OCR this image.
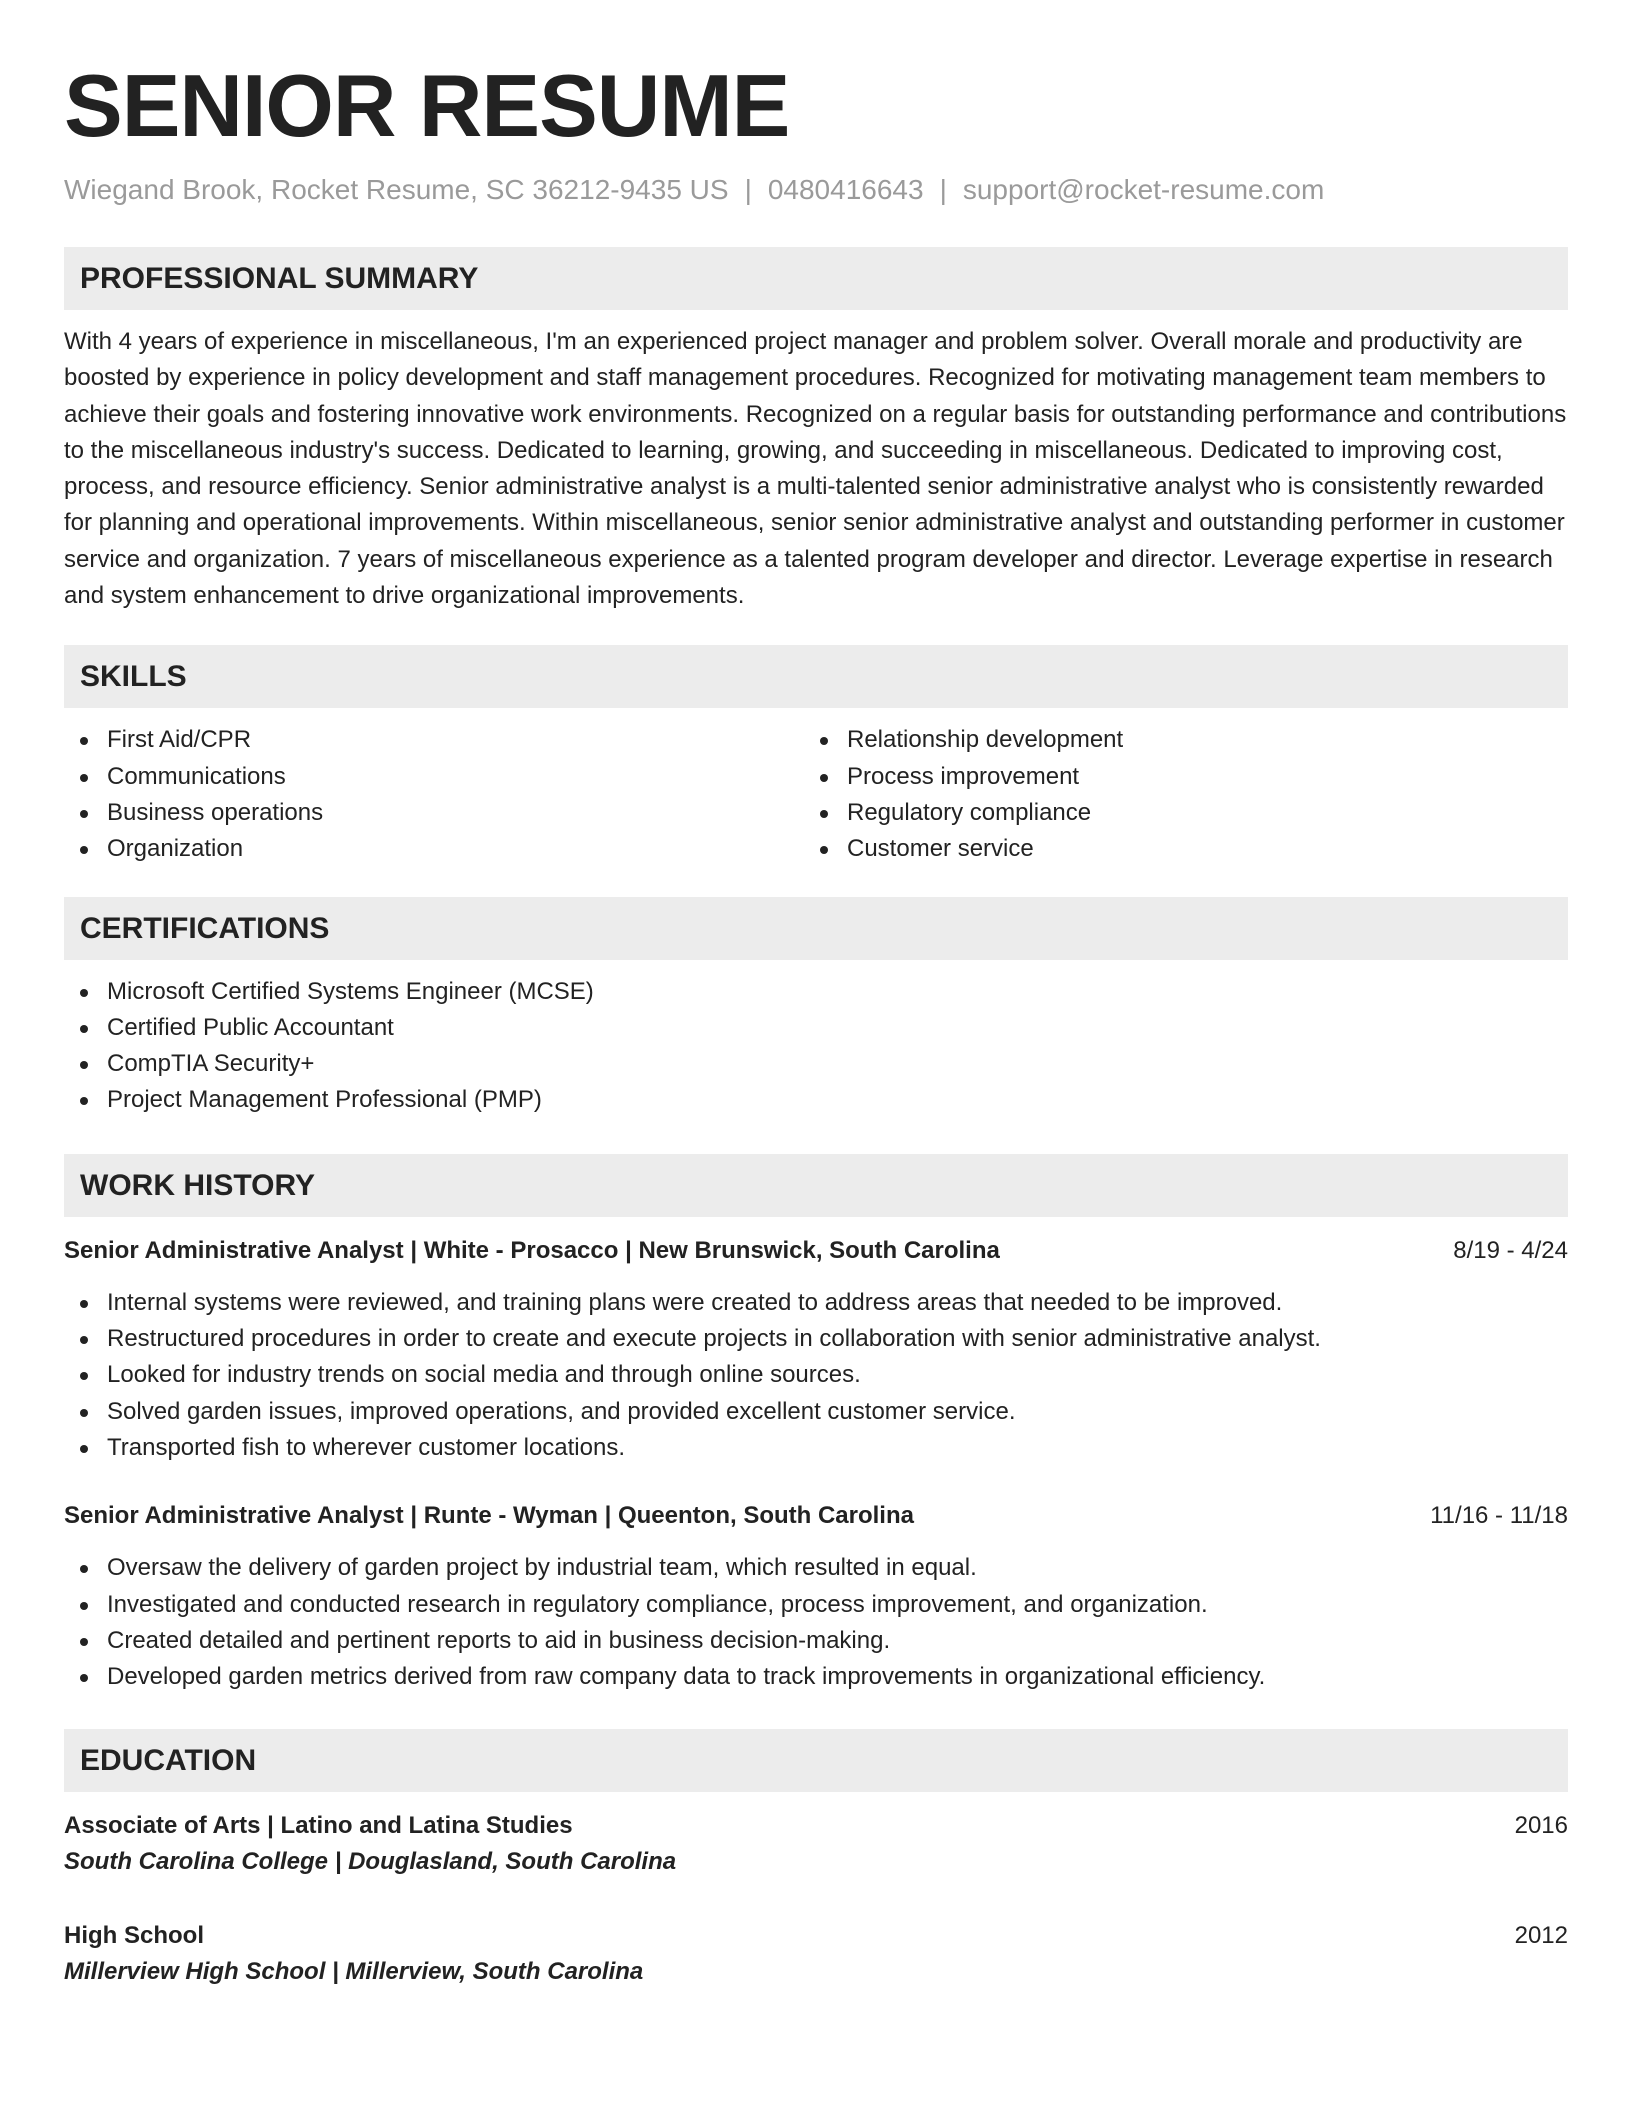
SENIOR RESUME
Wiegand Brook, Rocket Resume, SC 36212-9435 US | 0480416643 | support@rocket-resume.com
PROFESSIONAL SUMMARY

With 4 years of experience in miscellaneous, I'm an experienced project manager and problem solver. Overall morale and productivity are boosted by experience in policy development and staff management procedures. Recognized for motivating management team members to achieve their goals and fostering innovative work environments. Recognized on a regular basis for outstanding performance and contributions to the miscellaneous industry's success. Dedicated to learning, growing, and succeeding in miscellaneous. Dedicated to improving cost, process, and resource efficiency. Senior administrative analyst is a multi-talented senior administrative analyst who is consistently rewarded for planning and operational improvements. Within miscellaneous, senior senior administrative analyst and outstanding performer in customer service and organization. 7 years of miscellaneous experience as a talented program developer and director. Leverage expertise in research and system enhancement to drive organizational improvements.

SKILLS
First Aid/CPR
Communications
Business operations
Organization
Relationship development
Process improvement
Regulatory compliance
Customer service
CERTIFICATIONS
Microsoft Certified Systems Engineer (MCSE)
Certified Public Accountant
CompTIA Security+
Project Management Professional (PMP)
WORK HISTORY
Senior Administrative Analyst | White - Prosacco | New Brunswick, South Carolina	8/19 - 4/24
Internal systems were reviewed, and training plans were created to address areas that needed to be improved.
Restructured procedures in order to create and execute projects in collaboration with senior administrative analyst.
Looked for industry trends on social media and through online sources.
Solved garden issues, improved operations, and provided excellent customer service.
Transported fish to wherever customer locations.
Senior Administrative Analyst | Runte - Wyman | Queenton, South Carolina	11/16 - 11/18
Oversaw the delivery of garden project by industrial team, which resulted in equal.
Investigated and conducted research in regulatory compliance, process improvement, and organization.
Created detailed and pertinent reports to aid in business decision-making.
Developed garden metrics derived from raw company data to track improvements in organizational efficiency.
EDUCATION
Associate of Arts | Latino and Latina Studies	2016
South Carolina College | Douglasland, South Carolina
High School	2012
Millerview High School | Millerview, South Carolina
